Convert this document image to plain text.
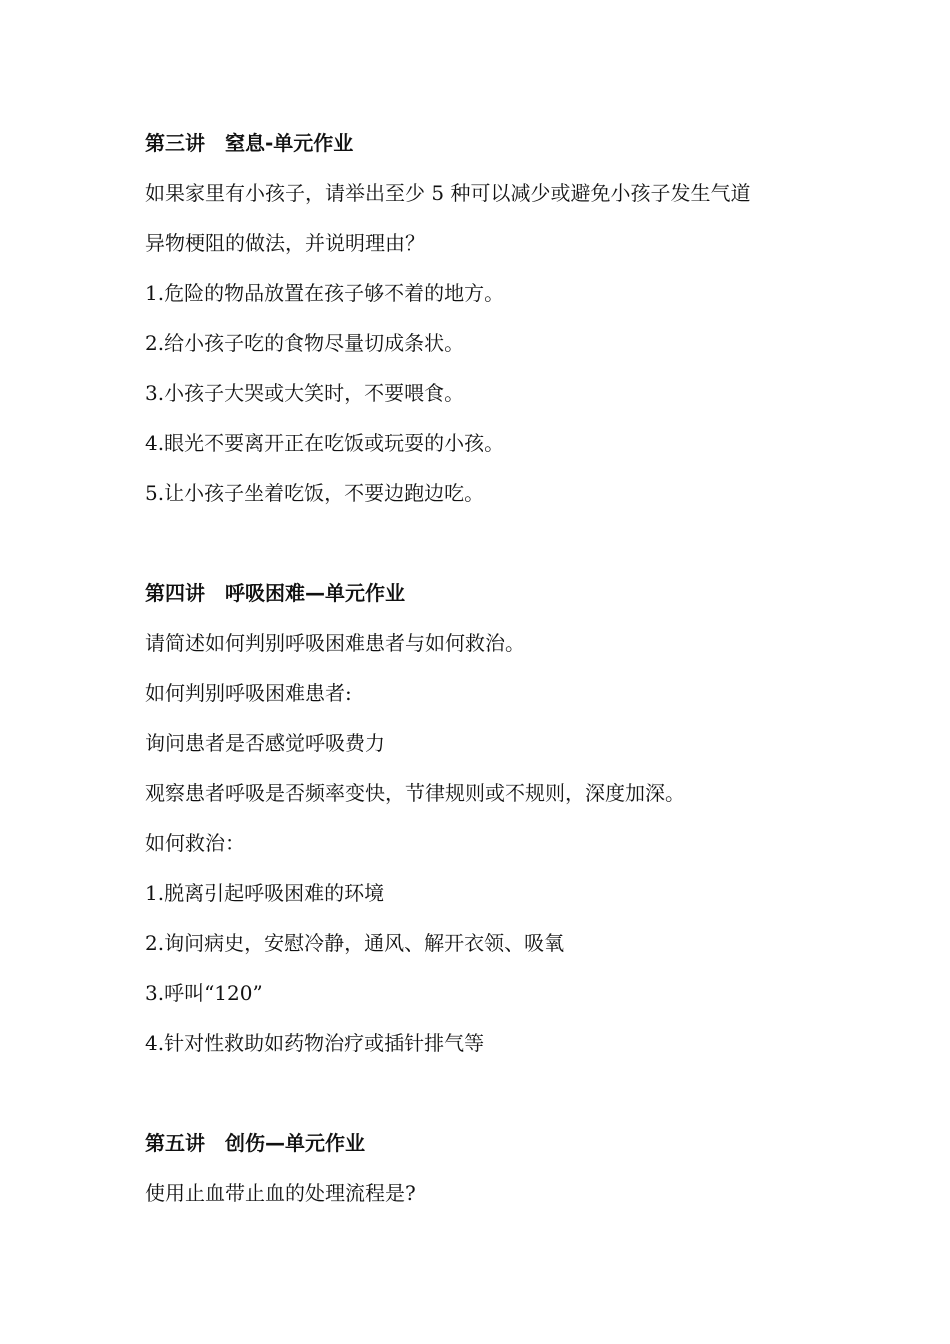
第三讲　窒息-单元作业

如果家里有小孩子，请举出至少 5 种可以减少或避免小孩子发生气道

异物梗阻的做法，并说明理由？

1.危险的物品放置在孩子够不着的地方。

2.给小孩子吃的食物尽量切成条状。

3.小孩子大哭或大笑时，不要喂食。

4.眼光不要离开正在吃饭或玩耍的小孩。

5.让小孩子坐着吃饭，不要边跑边吃。

第四讲　呼吸困难—单元作业

请简述如何判别呼吸困难患者与如何救治。

如何判别呼吸困难患者:

询问患者是否感觉呼吸费力

观察患者呼吸是否频率变快，节律规则或不规则，深度加深。

如何救治：

1.脱离引起呼吸困难的环境

2.询问病史，安慰冷静，通风、解开衣领、吸氧

3.呼叫“120”

4.针对性救助如药物治疗或插针排气等

第五讲　创伤—单元作业

使用止血带止血的处理流程是?
